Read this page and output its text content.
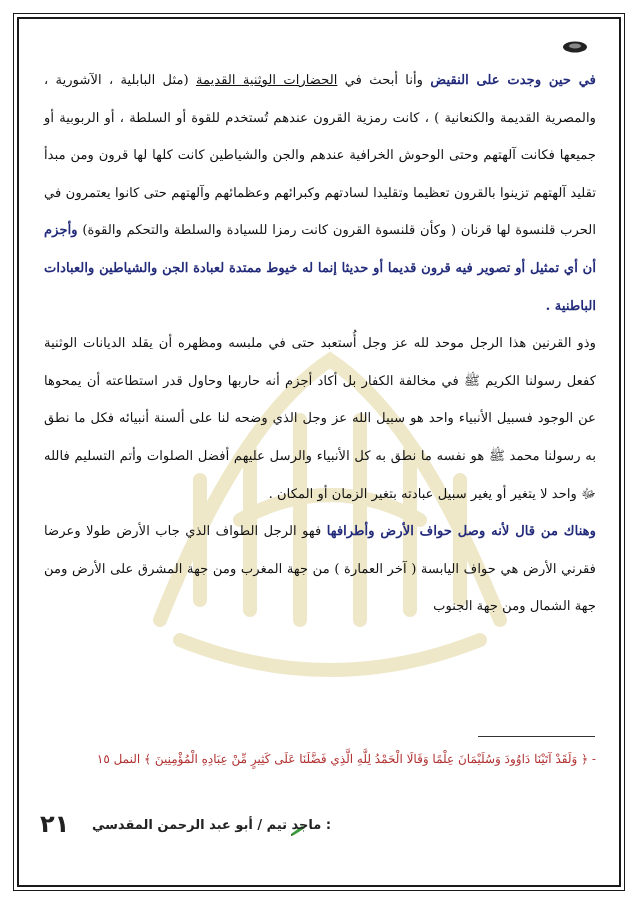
في حين وجدت على النقيض وأنا أبحث في الحضارات الوثنية القديمة (مثل البابلية ، الآشورية ، والمصرية القديمة والكنعانية ) ، كانت رمزية القرون عندهم تُستخدم للقوة أو السلطة ، أو الربوبية أو جميعها فكانت آلهتهم وحتى الوحوش الخرافية عندهم والجن والشياطين كانت كلها لها قرون ومن مبدأ تقليد آلهتهم تزينوا بالقرون تعظيما وتقليدا لسادتهم وكبرائهم وعظمائهم وآلهتهم حتى كانوا يعتمرون في الحرب قلنسوة لها قرنان ( وكأن قلنسوة القرون كانت رمزا للسيادة والسلطة والتحكم والقوة) وأجزم أن أي تمثيل أو تصوير فيه قرون قديما أو حديثا إنما له خيوط ممتدة لعبادة الجن والشياطين والعبادات الباطنية .

وذو القرنين هذا الرجل موحد لله عز وجل أُستعبد حتى في ملبسه ومظهره أن يقلد الديانات الوثنية كفعل رسولنا الكريم ﷺ في مخالفة الكفار بل أكاد أجزم أنه حاربها وحاول قدر استطاعته أن يمحوها عن الوجود فسبيل الأنبياء واحد هو سبيل الله عز وجل الذي وضحه لنا على ألسنة أنبيائه فكل ما نطق به رسولنا محمد ﷺ هو نفسه ما نطق به كل الأنبياء والرسل عليهم أفضل الصلوات وأتم التسليم فالله ﷻ واحد لا يتغير أو يغير سبيل عبادته بتغير الزمان أو المكان .

وهناك من قال لأنه وصل حواف الأرض وأطرافها فهو الرجل الطواف الذي جاب الأرض طولا وعرضا فقرني الأرض هي حواف اليابسة ( آخر العمارة ) من جهة المغرب ومن جهة المشرق على الأرض ومن جهة الشمال ومن جهة الجنوب

- ﴿ وَلَقَدْ آتَيْنَا دَاوُودَ وَسُلَيْمَانَ عِلْمًا وَقَالَا الْحَمْدُ لِلَّهِ الَّذِي فَضَّلَنَا عَلَى كَثِيرٍ مِّنْ عِبَادِهِ الْمُؤْمِنِينَ ﴾ النمل ١٥
٢١ : ماجد تيم / أبو عبد الرحمن المقدسي
